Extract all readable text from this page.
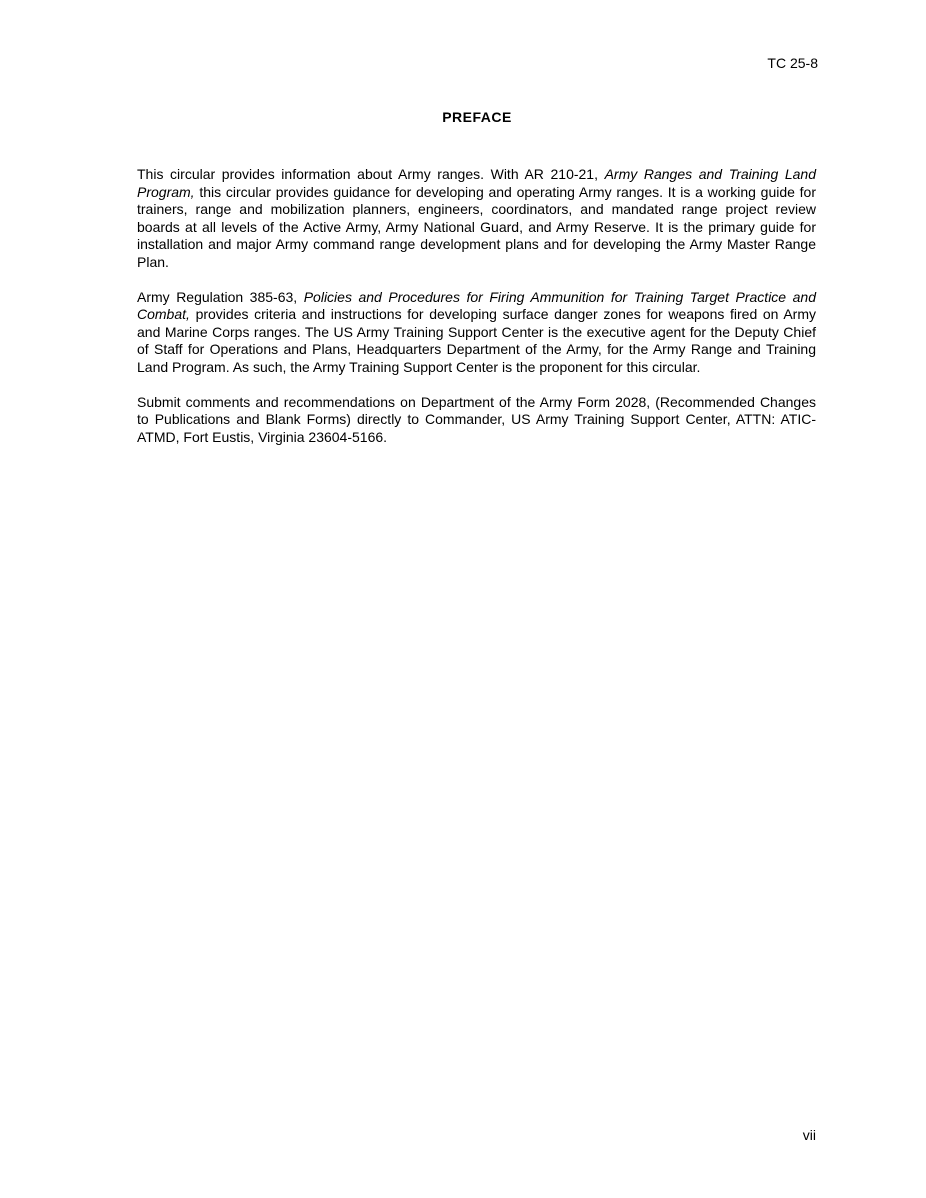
TC 25-8
PREFACE

This circular provides information about Army ranges. With AR 210-21, Army Ranges and Training Land Program, this circular provides guidance for developing and operating Army ranges. It is a working guide for trainers, range and mobilization planners, engineers, coordinators, and mandated range project review boards at all levels of the Active Army, Army National Guard, and Army Reserve. It is the primary guide for installation and major Army command range development plans and for developing the Army Master Range Plan.

Army Regulation 385-63, Policies and Procedures for Firing Ammunition for Training Target Practice and Combat, provides criteria and instructions for developing surface danger zones for weapons fired on Army and Marine Corps ranges. The US Army Training Support Center is the executive agent for the Deputy Chief of Staff for Operations and Plans, Headquarters Department of the Army, for the Army Range and Training Land Program. As such, the Army Training Support Center is the proponent for this circular.

Submit comments and recommendations on Department of the Army Form 2028, (Recommended Changes to Publications and Blank Forms) directly to Commander, US Army Training Support Center, ATTN: ATIC-ATMD, Fort Eustis, Virginia 23604-5166.

vii
